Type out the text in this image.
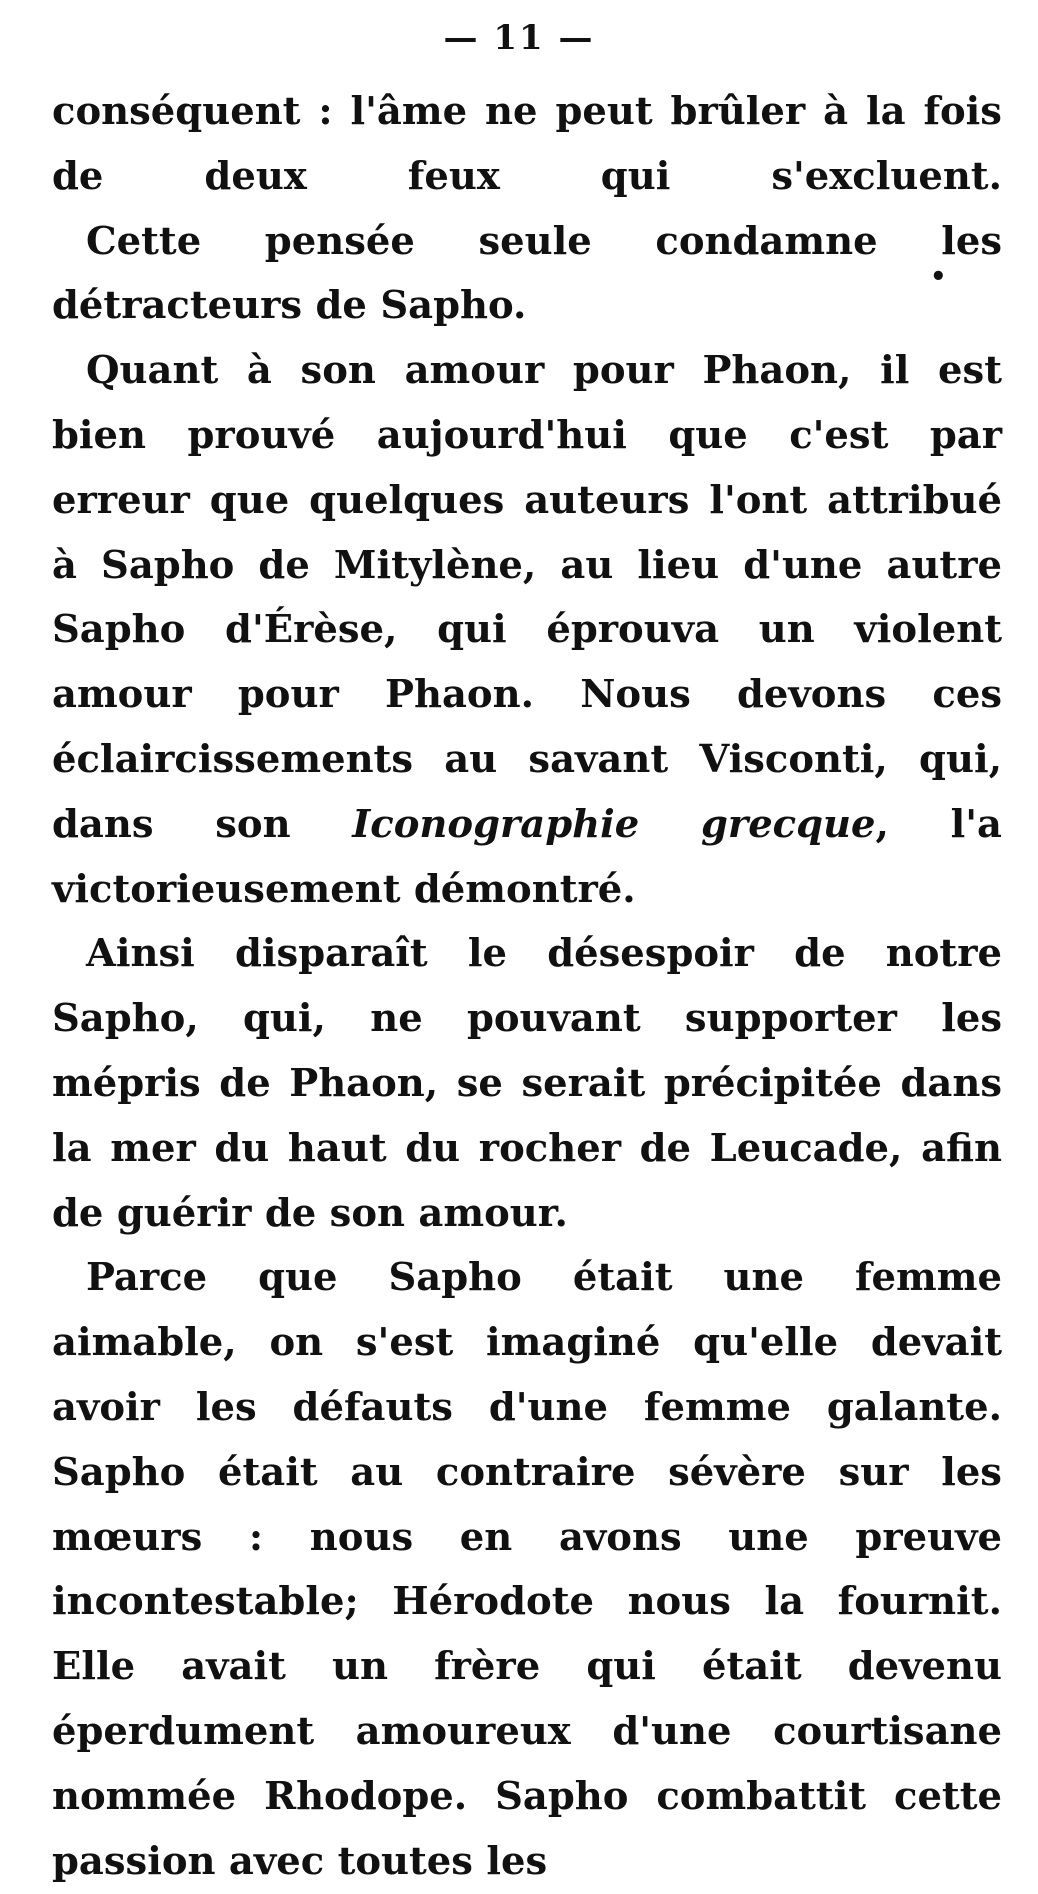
— 11 —

conséquent : l'âme ne peut brûler à la fois de deux feux qui s'excluent.

Cette pensée seule condamne les détracteurs de Sapho.

Quant à son amour pour Phaon, il est bien prouvé aujourd'hui que c'est par erreur que quelques auteurs l'ont attribué à Sapho de Mitylène, au lieu d'une autre Sapho d'Érèse, qui éprouva un violent amour pour Phaon. Nous devons ces éclaircissements au savant Visconti, qui, dans son Iconographie grecque, l'a victorieusement démontré.

Ainsi disparaît le désespoir de notre Sapho, qui, ne pouvant supporter les mépris de Phaon, se serait précipitée dans la mer du haut du rocher de Leucade, afin de guérir de son amour.

Parce que Sapho était une femme aimable, on s'est imaginé qu'elle devait avoir les défauts d'une femme galante. Sapho était au contraire sévère sur les mœurs : nous en avons une preuve incontestable; Hérodote nous la fournit. Elle avait un frère qui était devenu éperdument amoureux d'une courtisane nommée Rhodope. Sapho combattit cette passion avec toutes les

•
